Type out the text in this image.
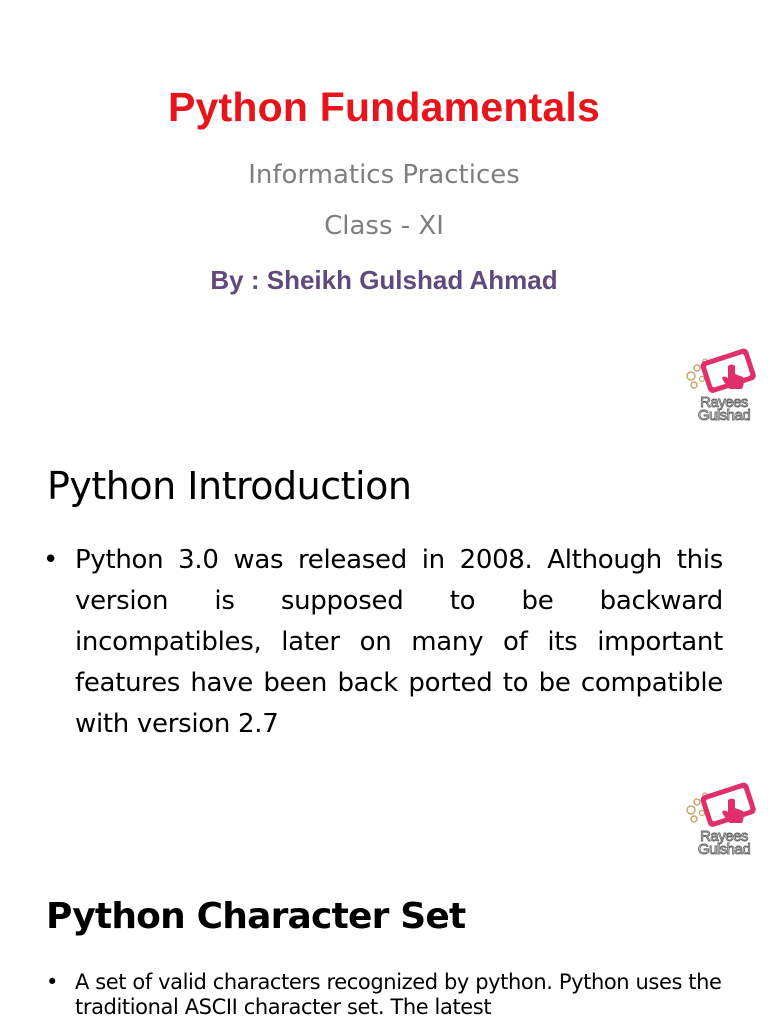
Python Fundamentals
Informatics Practices
Class - XI
By : Sheikh Gulshad Ahmad
Rayees
Gulshad
Python Introduction
• Python 3.0 was released in 2008. Although this version is supposed to be backward incompatibles, later on many of its important features have been back ported to be compatible with version 2.7
Rayees
Gulshad
Python Character Set
• A set of valid characters recognized by python. Python uses the traditional ASCII character set. The latest
